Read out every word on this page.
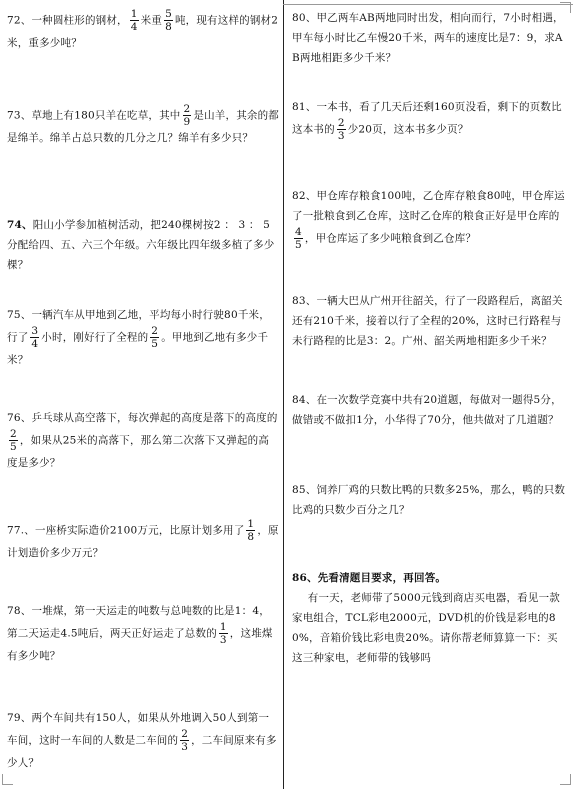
72、一种圆柱形的钢材， $\frac{1}{4}$ 米重 $\frac{5}{8}$ 吨，现有这样的钢材2米，重多少吨？
73、草地上有180只羊在吃草，其中 $\frac{2}{9}$ 是山羊，其余的都是绵羊。绵羊占总只数的几分之几？绵羊有多少只？
74、阳山小学参加植树活动，把240棵树按2 ： 3 ： 5分配给四、五、六三个年级。六年级比四年级多植了多少棵？
75、一辆汽车从甲地到乙地，平均每小时行驶80千米，行了 $\frac{3}{4}$ 小时，刚好行了全程的 $\frac{2}{5}$ 。甲地到乙地有多少千米？
76、乒乓球从高空落下，每次弹起的高度是落下的高度的
$\frac{2}{5}$ ，如果从25米的高落下，那么第二次落下又弹起的高度是多少？
77.、一座桥实际造价2100万元，比原计划多用了 $\frac{1}{8}$ ，原计划造价多少万元？
78、一堆煤，第一天运走的吨数与总吨数的比是1：4，第二天运走4.5吨后，两天正好运走了总数的 $\frac{1}{3}$ ，这堆煤有多少吨？
79、两个车间共有150人，如果从外地调入50人到第一车间，这时一车间的人数是二车间的 $\frac{2}{3}$ ，二车间原来有多少人？
80、甲乙两车AB两地同时出发，相向而行，7小时相遇，甲车每小时比乙车慢20千米，两车的速度比是7：9，求AB两地相距多少千米？
81、一本书，看了几天后还剩160页没看，剩下的页数比这本书的 $\frac{2}{3}$ 少20页，这本书多少页？
82、甲仓库存粮食100吨，乙仓库存粮食80吨，甲仓库运了一批粮食到乙仓库，这时乙仓库的粮食正好是甲仓库的
$\frac{4}{5}$ ，甲仓库运了多少吨粮食到乙仓库？
83、一辆大巴从广州开往韶关，行了一段路程后，离韶关还有210千米，接着以行了全程的20%，这时已行路程与未行路程的比是3：2。广州、韶关两地相距多少千米？
84、在一次数学竞赛中共有20道题，每做对一题得5分，做错或不做扣1分，小华得了70分，他共做对了几道题？
85、饲养厂鸡的只数比鸭的只数多25%，那么，鸭的只数比鸡的只数少百分之几？
86、先看清题目要求，再回答。
有一天，老师带了5000元钱到商店买电器，看见一款家电组合，TCL彩电2000元，DVD机的价钱是彩电的80%，音箱价钱比彩电贵20%。请你帮老师算算一下：买这三种家电，老师带的钱够吗
